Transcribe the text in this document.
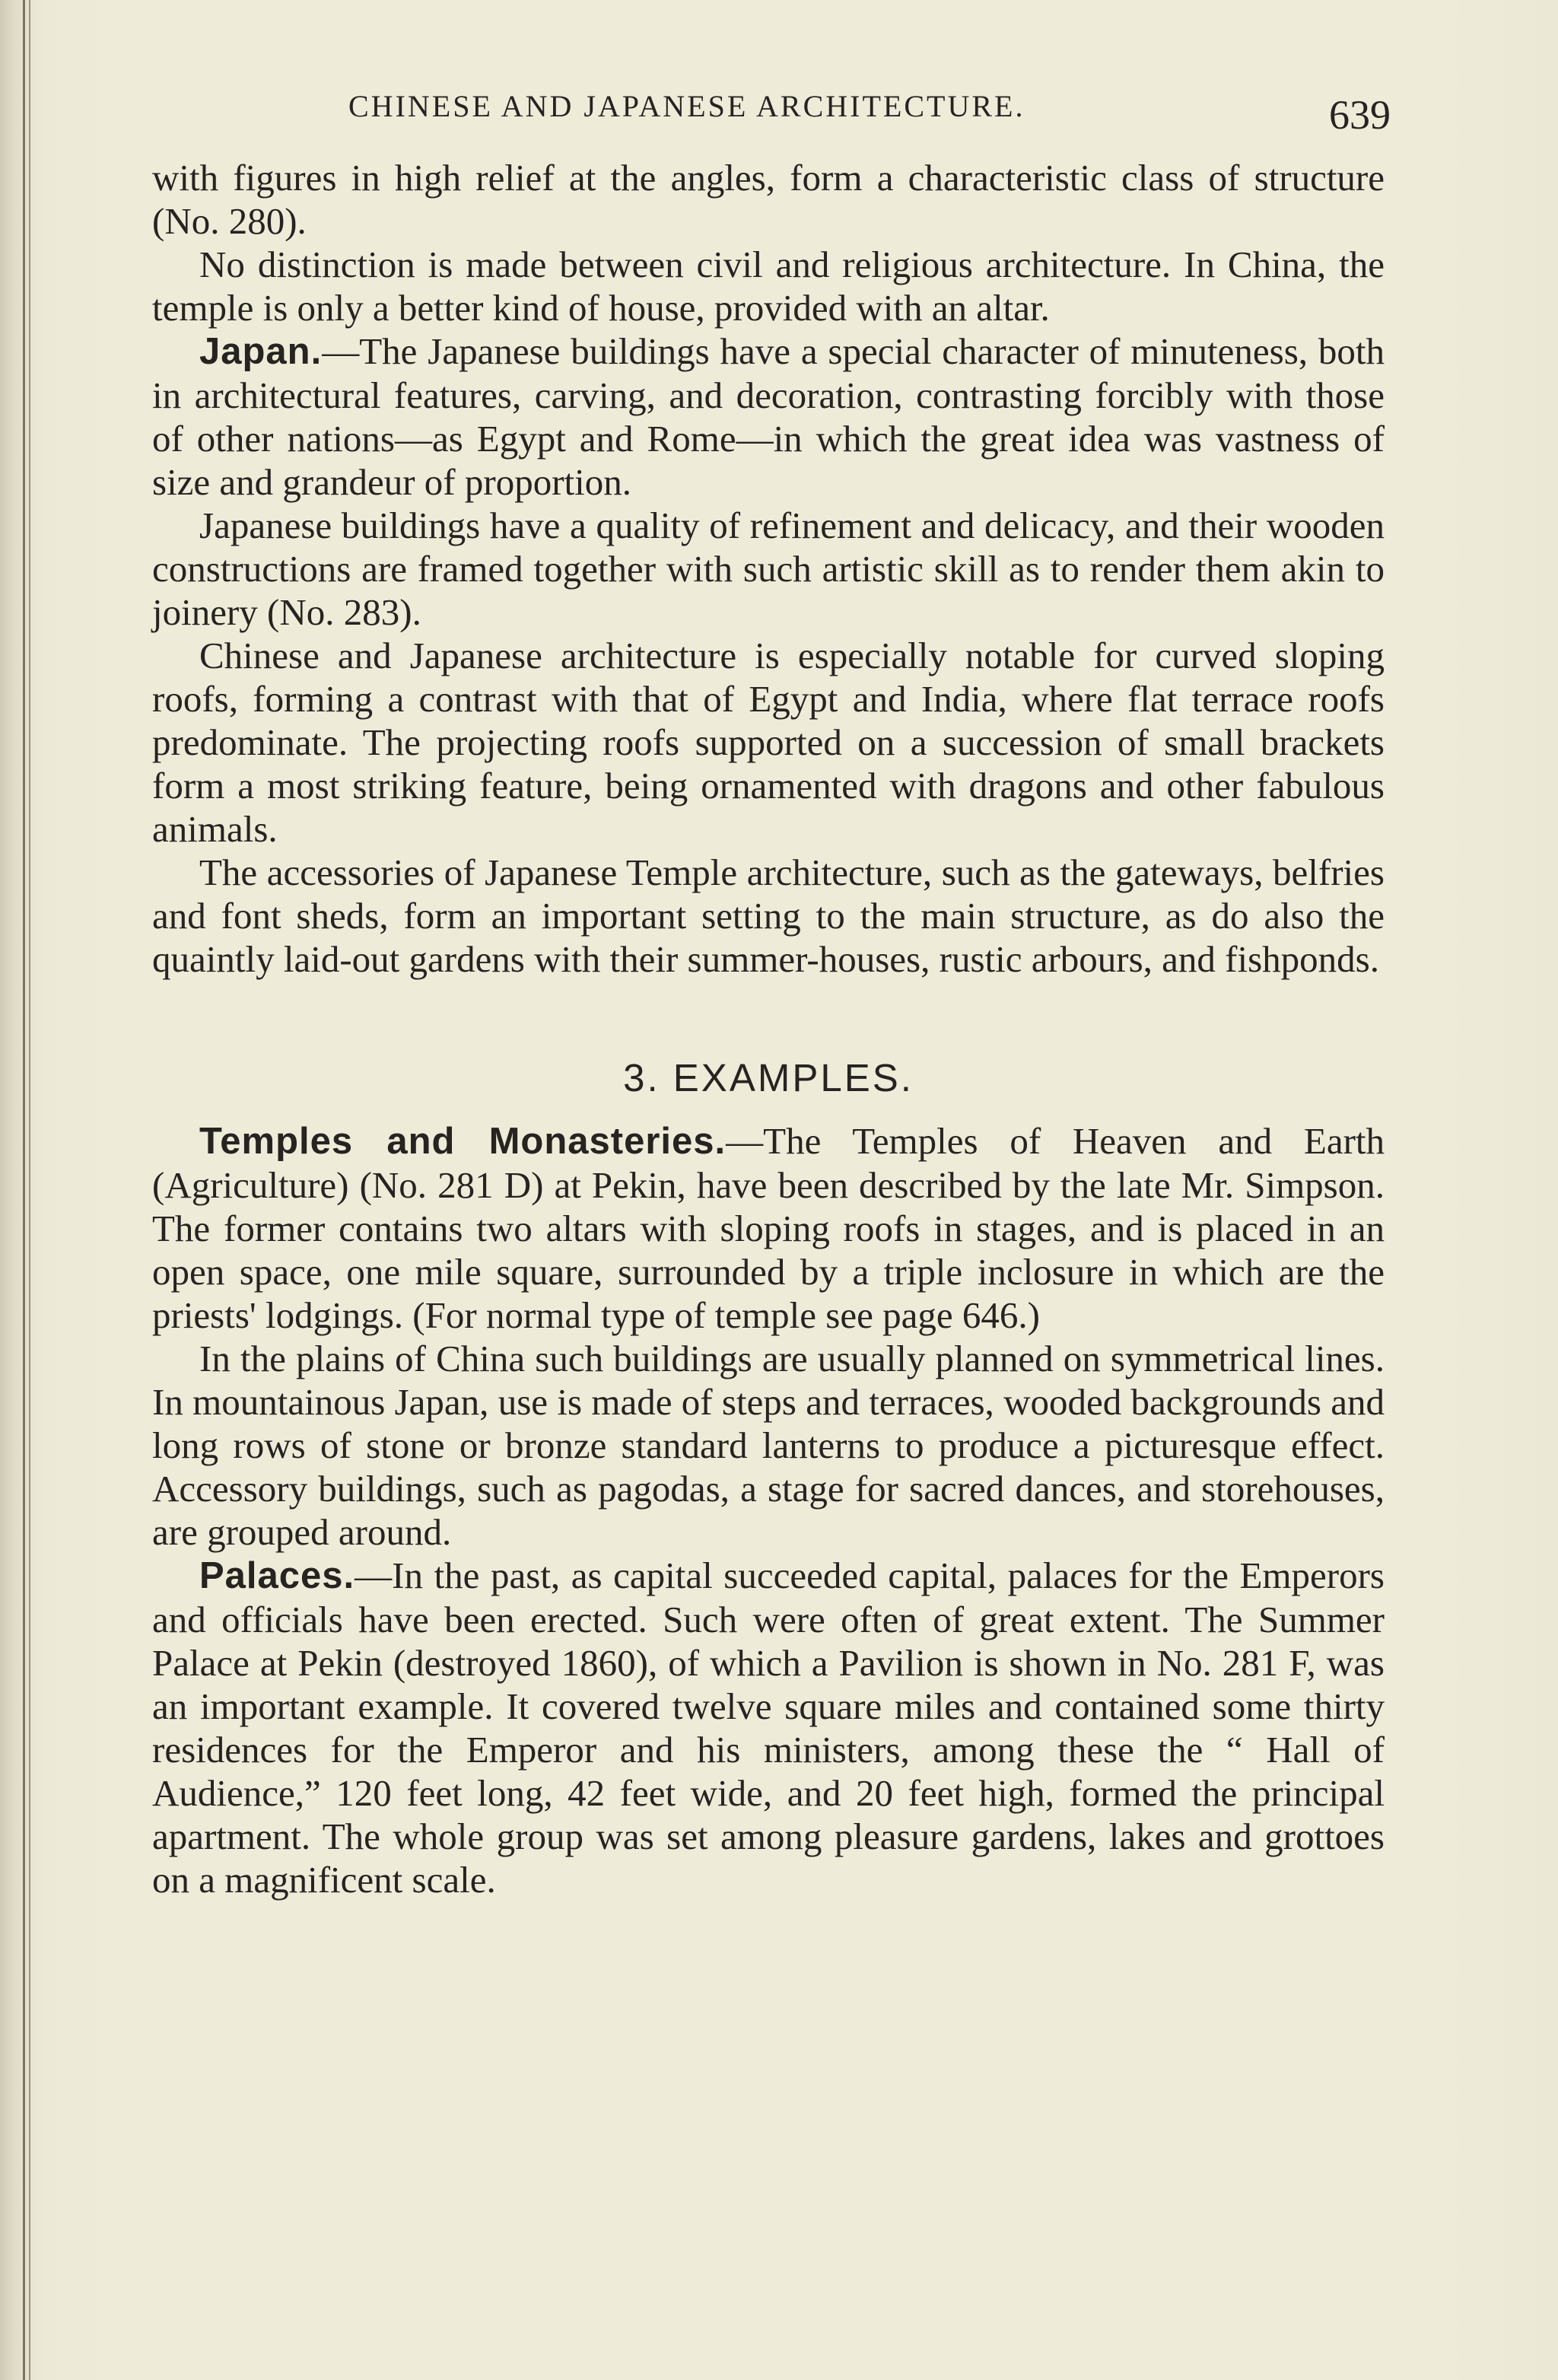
CHINESE AND JAPANESE ARCHITECTURE.	639

with figures in high relief at the angles, form a characteristic class of structure (No. 280).

No distinction is made between civil and religious architecture. In China, the temple is only a better kind of house, provided with an altar.

Japan.—The Japanese buildings have a special character of minuteness, both in architectural features, carving, and decoration, contrasting forcibly with those of other nations—as Egypt and Rome—in which the great idea was vastness of size and grandeur of proportion.

Japanese buildings have a quality of refinement and delicacy, and their wooden constructions are framed together with such artistic skill as to render them akin to joinery (No. 283).

Chinese and Japanese architecture is especially notable for curved sloping roofs, forming a contrast with that of Egypt and India, where flat terrace roofs predominate. The projecting roofs supported on a succession of small brackets form a most striking feature, being ornamented with dragons and other fabulous animals.

The accessories of Japanese Temple architecture, such as the gateways, belfries and font sheds, form an important setting to the main structure, as do also the quaintly laid-out gardens with their summer-houses, rustic arbours, and fishponds.

3. EXAMPLES.

Temples and Monasteries.—The Temples of Heaven and Earth (Agriculture) (No. 281 D) at Pekin, have been described by the late Mr. Simpson. The former contains two altars with sloping roofs in stages, and is placed in an open space, one mile square, surrounded by a triple inclosure in which are the priests' lodgings. (For normal type of temple see page 646.)

In the plains of China such buildings are usually planned on symmetrical lines. In mountainous Japan, use is made of steps and terraces, wooded backgrounds and long rows of stone or bronze standard lanterns to produce a picturesque effect. Accessory buildings, such as pagodas, a stage for sacred dances, and storehouses, are grouped around.

Palaces.—In the past, as capital succeeded capital, palaces for the Emperors and officials have been erected. Such were often of great extent. The Summer Palace at Pekin (destroyed 1860), of which a Pavilion is shown in No. 281 F, was an important example. It covered twelve square miles and contained some thirty residences for the Emperor and his ministers, among these the “ Hall of Audience,” 120 feet long, 42 feet wide, and 20 feet high, formed the principal apartment. The whole group was set among pleasure gardens, lakes and grottoes on a magnificent scale.
